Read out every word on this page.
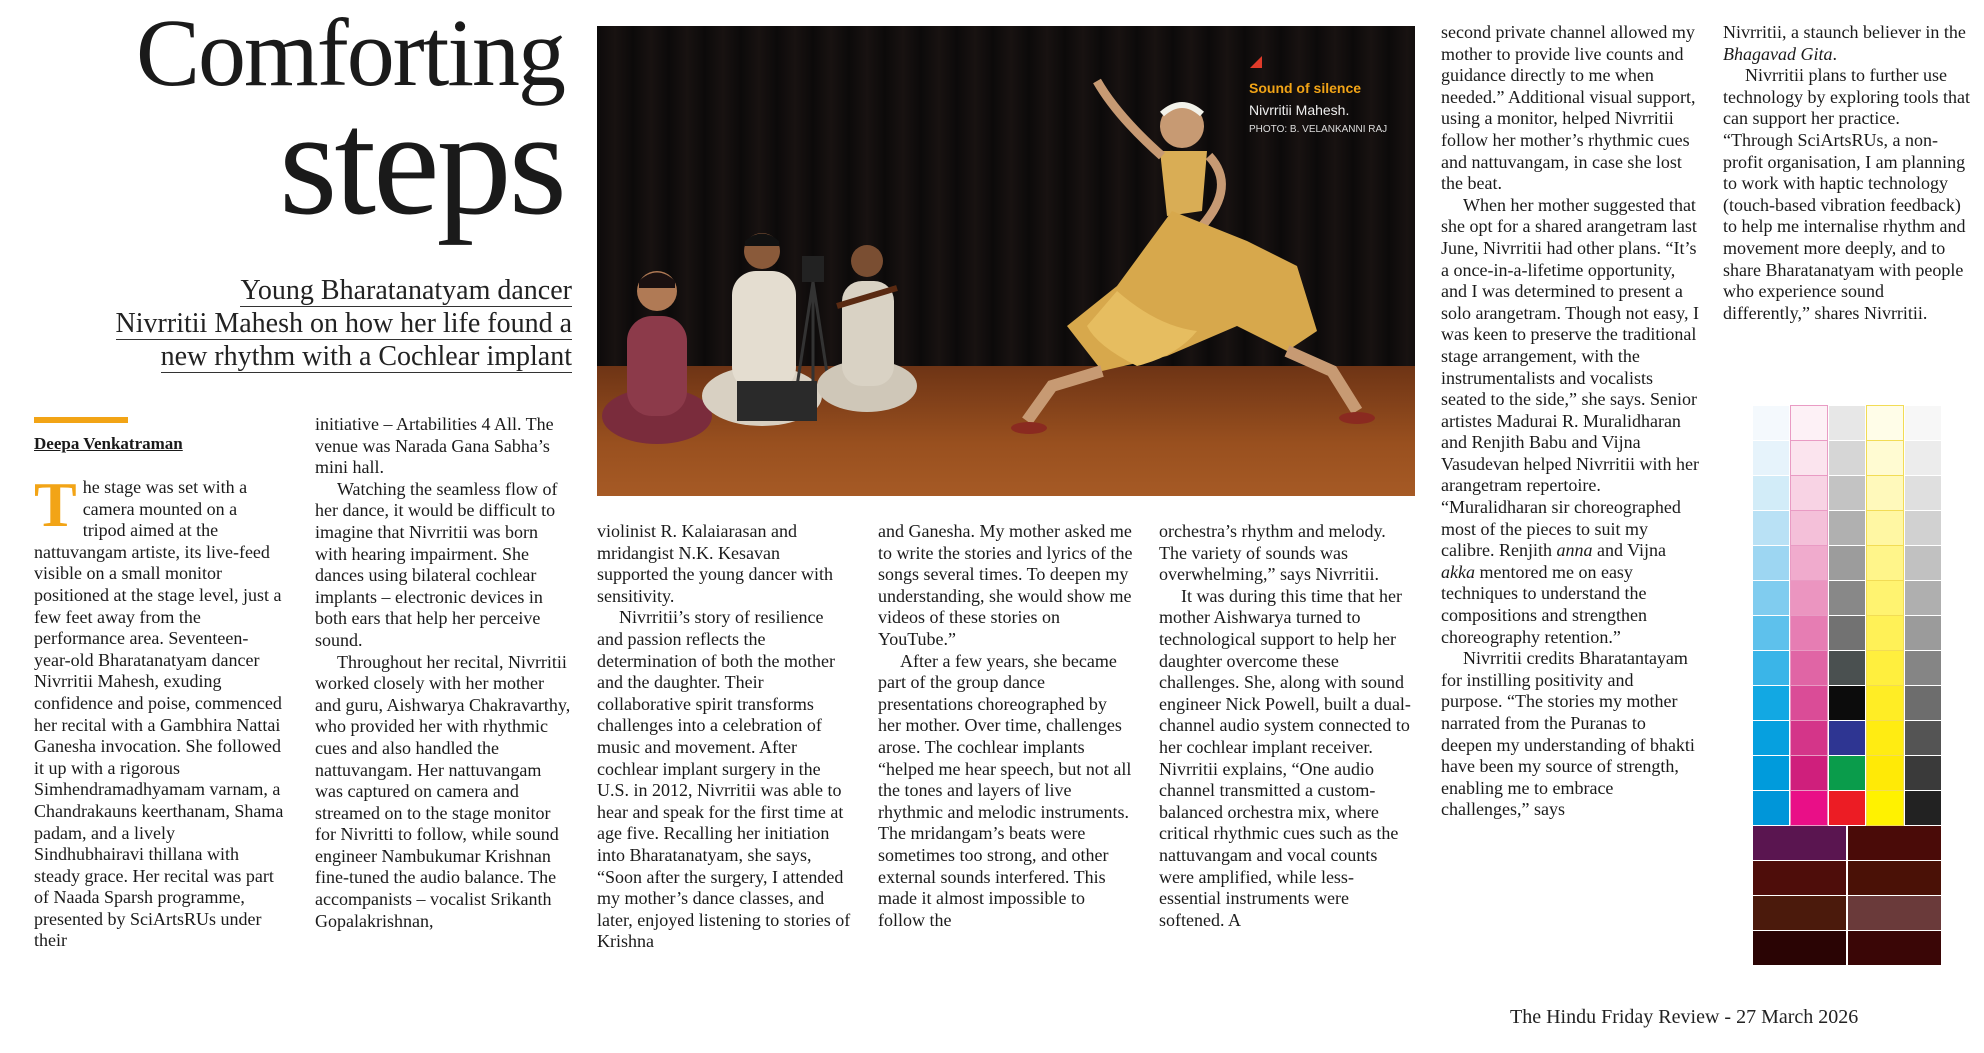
Comforting
steps
Young Bharatanatyam dancer
Nivrritii Mahesh on how her life found a
new rhythm with a Cochlear implant
Deepa Venkatraman

The stage was set with a camera mounted on a tripod aimed at the nattuvangam artiste, its live-feed visible on a small monitor positioned at the stage level, just a few feet away from the performance area. Seventeen-year-old Bharatanatyam dancer Nivrritii Mahesh, exuding confidence and poise, commenced her recital with a Gambhira Nattai Ganesha invocation. She followed it up with a rigorous Simhendramadhyamam varnam, a Chandrakauns keerthanam, Shama padam, and a lively Sindhubhairavi thillana with steady grace. Her recital was part of Naada Sparsh programme, presented by SciArtsRUs under their

initiative – Artabilities 4 All. The venue was Narada Gana Sabha’s mini hall.

Watching the seamless flow of her dance, it would be difficult to imagine that Nivrritii was born with hearing impairment. She dances using bilateral cochlear implants – electronic devices in both ears that help her perceive sound.

Throughout her recital, Nivrritii worked closely with her mother and guru, Aishwarya Chakravarthy, who provided her with rhythmic cues and also handled the nattuvangam. Her nattuvangam was captured on camera and streamed on to the stage monitor for Nivritti to follow, while sound engineer Nambukumar Krishnan fine-tuned the audio balance. The accompanists – vocalist Srikanth Gopalakrishnan,

Sound of silence
Nivrritii Mahesh.
PHOTO: B. VELANKANNI RAJ

violinist R. Kalaiarasan and mridangist N.K. Kesavan supported the young dancer with sensitivity.

Nivrritii’s story of resilience and passion reflects the determination of both the mother and the daughter. Their collaborative spirit transforms challenges into a celebration of music and movement. After cochlear implant surgery in the U.S. in 2012, Nivrritii was able to hear and speak for the first time at age five. Recalling her initiation into Bharatanatyam, she says, “Soon after the surgery, I attended my mother’s dance classes, and later, enjoyed listening to stories of Krishna

and Ganesha. My mother asked me to write the stories and lyrics of the songs several times. To deepen my understanding, she would show me videos of these stories on YouTube.”

After a few years, she became part of the group dance presentations choreographed by her mother. Over time, challenges arose. The cochlear implants “helped me hear speech, but not all the tones and layers of live rhythmic and melodic instruments. The mridangam’s beats were sometimes too strong, and other external sounds interfered. This made it almost impossible to follow the

orchestra’s rhythm and melody. The variety of sounds was overwhelming,” says Nivrritii.

It was during this time that her mother Aishwarya turned to technological support to help her daughter overcome these challenges. She, along with sound engineer Nick Powell, built a dual-channel audio system connected to her cochlear implant receiver. Nivrritii explains, “One audio channel transmitted a custom-balanced orchestra mix, where critical rhythmic cues such as the nattuvangam and vocal counts were amplified, while less-essential instruments were softened. A

second private channel allowed my mother to provide live counts and guidance directly to me when needed.” Additional visual support, using a monitor, helped Nivrritii follow her mother’s rhythmic cues and nattuvangam, in case she lost the beat.

When her mother suggested that she opt for a shared arangetram last June, Nivrritii had other plans. “It’s a once-in-a-lifetime opportunity, and I was determined to present a solo arangetram. Though not easy, I was keen to preserve the traditional stage arrangement, with the instrumentalists and vocalists seated to the side,” she says. Senior artistes Madurai R. Muralidharan and Renjith Babu and Vijna Vasudevan helped Nivrritii with her arangetram repertoire. “Muralidharan sir choreographed most of the pieces to suit my calibre. Renjith anna and Vijna akka mentored me on easy techniques to understand the compositions and strengthen choreography retention.”

Nivrritii credits Bharatantayam for instilling positivity and purpose. “The stories my mother narrated from the Puranas to deepen my understanding of bhakti have been my source of strength, enabling me to embrace challenges,” says

Nivrritii, a staunch believer in the Bhagavad Gita.

Nivrritii plans to further use technology by exploring tools that can support her practice. “Through SciArtsRUs, a non-profit organisation, I am planning to work with haptic technology (touch-based vibration feedback) to help me internalise rhythm and movement more deeply, and to share Bharatanatyam with people who experience sound differently,” shares Nivrritii.

The Hindu Friday Review - 27 March 2026
